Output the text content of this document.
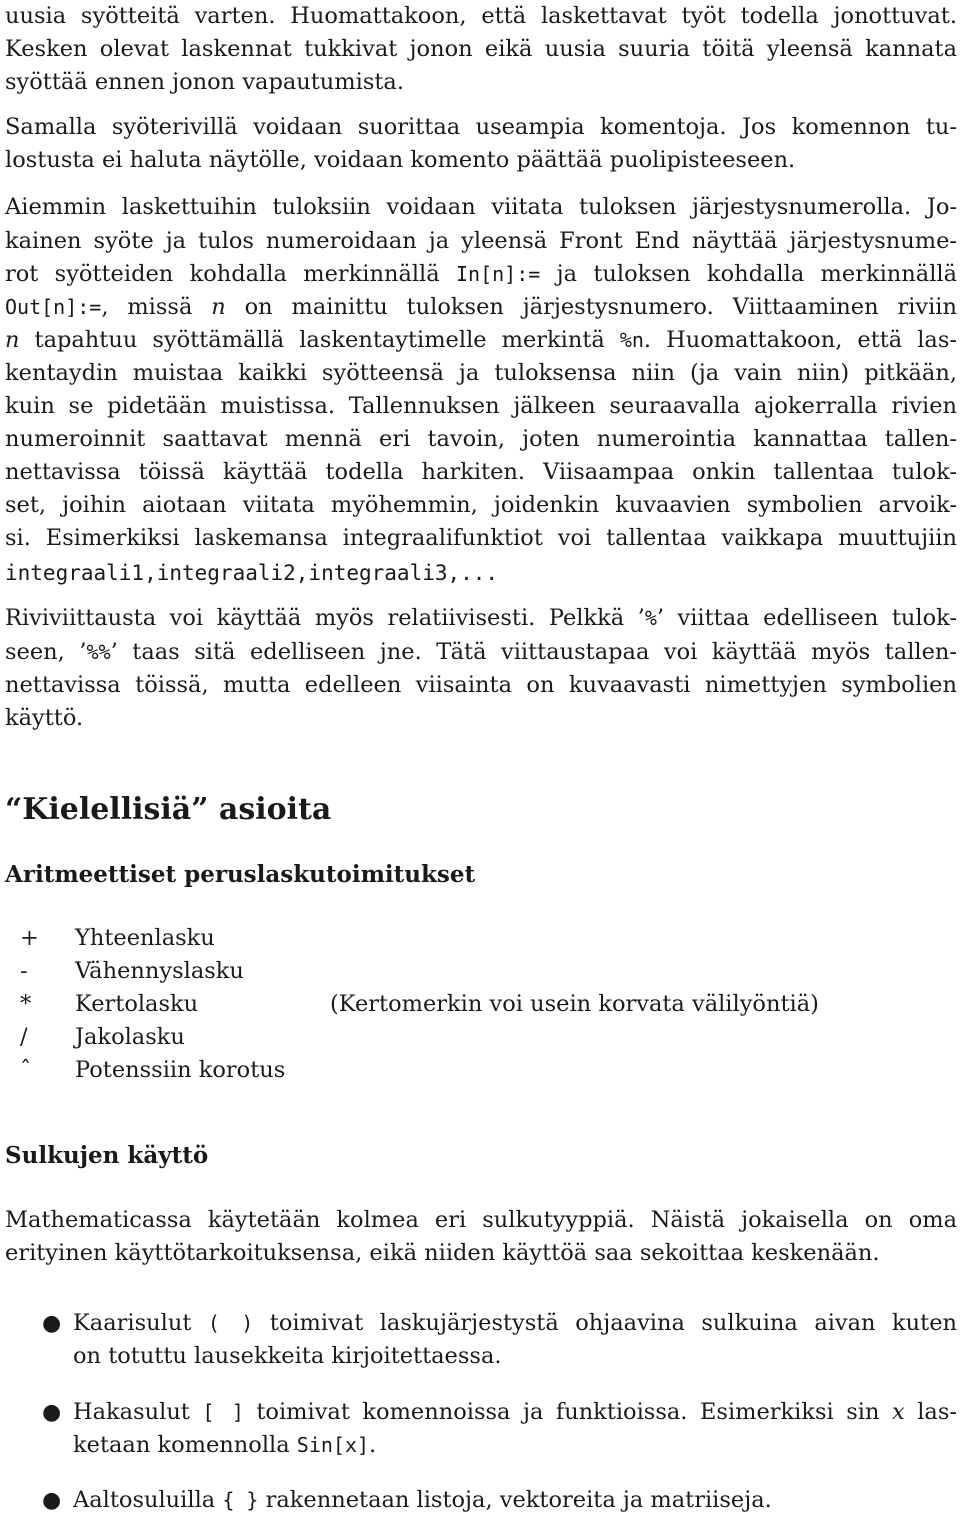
uusia syötteitä varten. Huomattakoon, että laskettavat työt todella jonottuvat.
Kesken olevat laskennat tukkivat jonon eikä uusia suuria töitä yleensä kannata
syöttää ennen jonon vapautumista.
Samalla syöterivillä voidaan suorittaa useampia komentoja. Jos komennon tu-
lostusta ei haluta näytölle, voidaan komento päättää puolipisteeseen.
Aiemmin laskettuihin tuloksiin voidaan viitata tuloksen järjestysnumerolla. Jo-
kainen syöte ja tulos numeroidaan ja yleensä Front End näyttää järjestysnume-
rot syötteiden kohdalla merkinnällä In[n]:= ja tuloksen kohdalla merkinnällä
Out[n]:=, missä n on mainittu tuloksen järjestysnumero. Viittaaminen riviin
n tapahtuu syöttämällä laskentaytimelle merkintä %n. Huomattakoon, että las-
kentaydin muistaa kaikki syötteensä ja tuloksensa niin (ja vain niin) pitkään,
kuin se pidetään muistissa. Tallennuksen jälkeen seuraavalla ajokerralla rivien
numeroinnit saattavat mennä eri tavoin, joten numerointia kannattaa tallen-
nettavissa töissä käyttää todella harkiten. Viisaampaa onkin tallentaa tulok-
set, joihin aiotaan viitata myöhemmin, joidenkin kuvaavien symbolien arvoik-
si. Esimerkiksi laskemansa integraalifunktiot voi tallentaa vaikkapa muuttujiin
integraali1,integraali2,integraali3,...
Riviviittausta voi käyttää myös relatiivisesti. Pelkkä ’%’ viittaa edelliseen tulok-
seen, ’%%’ taas sitä edelliseen jne. Tätä viittaustapaa voi käyttää myös tallen-
nettavissa töissä, mutta edelleen viisainta on kuvaavasti nimettyjen symbolien
käyttö.
“Kielellisiä” asioita
Aritmeettiset peruslaskutoimitukset
+ Yhteenlasku
- Vähennyslasku
* Kertolasku	(Kertomerkin voi usein korvata välilyöntiä)
/ Jakolasku
ˆ Potenssiin korotus
Sulkujen käyttö
Mathematicassa käytetään kolmea eri sulkutyyppiä. Näistä jokaisella on oma
erityinen käyttötarkoituksensa, eikä niiden käyttöä saa sekoittaa keskenään.
● Kaarisulut ( ) toimivat laskujärjestystä ohjaavina sulkuina aivan kuten
on totuttu lausekkeita kirjoitettaessa.
● Hakasulut [ ] toimivat komennoissa ja funktioissa. Esimerkiksi sin x las-
ketaan komennolla Sin[x].
● Aaltosuluilla { } rakennetaan listoja, vektoreita ja matriiseja.
